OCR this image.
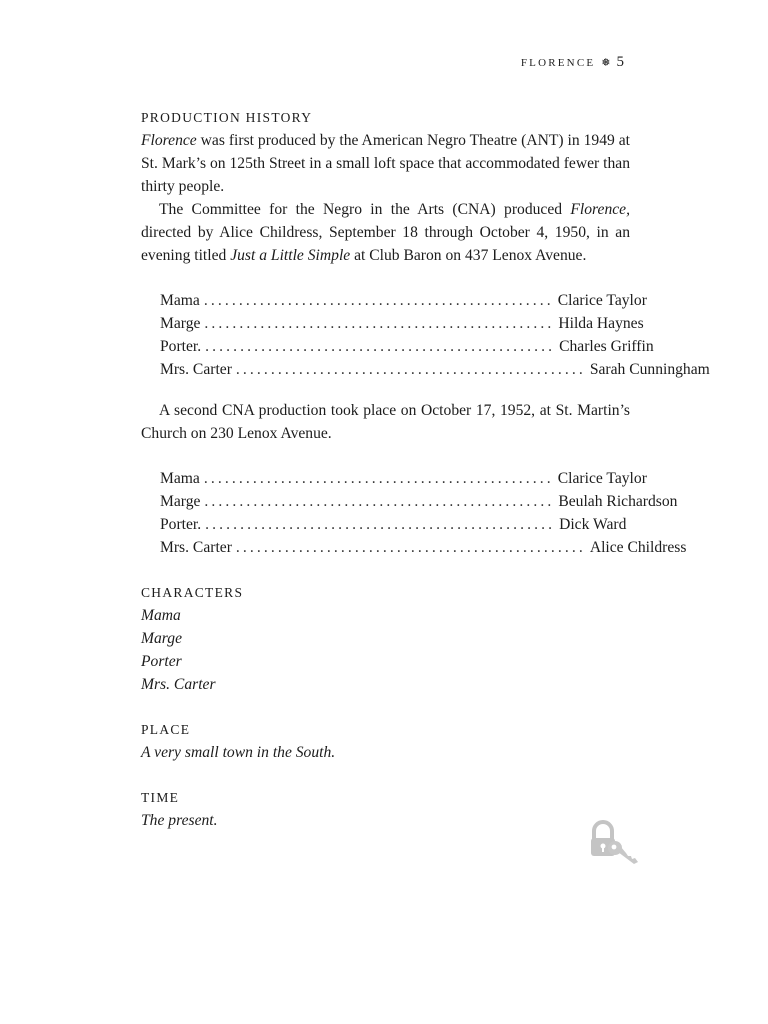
FLORENCE ❅ 5
PRODUCTION HISTORY

Florence was first produced by the American Negro Theatre (ANT) in 1949 at St. Mark’s on 125th Street in a small loft space that accommodated fewer than thirty people.

The Committee for the Negro in the Arts (CNA) produced Florence, directed by Alice Childress, September 18 through October 4, 1950, in an evening titled Just a Little Simple at Club Baron on 437 Lenox Avenue.

Mama .................................................. Clarice Taylor
Marge .................................................. Hilda Haynes
Porter. .................................................. Charles Griffin
Mrs. Carter .................................................. Sarah Cunningham

A second CNA production took place on October 17, 1952, at St. Martin’s Church on 230 Lenox Avenue.

Mama .................................................. Clarice Taylor
Marge .................................................. Beulah Richardson
Porter. .................................................. Dick Ward
Mrs. Carter .................................................. Alice Childress
CHARACTERS
Mama
Marge
Porter
Mrs. Carter
PLACE
A very small town in the South.
TIME
The present.
